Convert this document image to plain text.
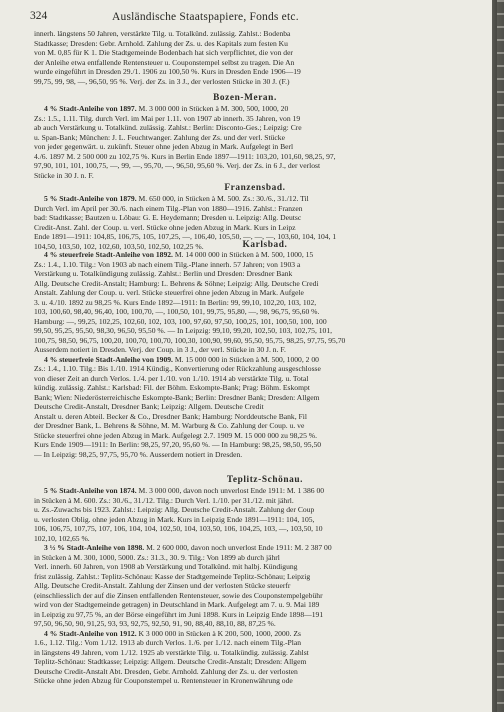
324	Ausländische Staatspapiere, Fonds etc.

innerh. längstens 50 Jahren, verstärkte Tilg. u. Totalkünd. zulässig. Zahlst.: Bodenba

Stadtkasse; Dresden: Gebr. Arnhold. Zahlung der Zs. u. des Kapitals zum festen Ku

von M. 0,85 für K 1. Die Stadtgemeinde Bodenbach hat sich verpflichtet, die von der

der Anleihe etwa entfallende Rentensteuer u. Couponstempel selbst zu tragen. Die An

wurde eingeführt in Dresden 29./1. 1906 zu 100,50 %. Kurs in Dresden Ende 1906—19

99,75, 99, 98, —, 96,50, 95 %. Verj. der Zs. in 3 J., der verlosten Stücke in 30 J. (F.)

Bozen-Meran.

4 % Stadt-Anleihe von 1897. M. 3 000 000 in Stücken à M. 300, 500, 1000, 20

Zs.: 1.5., 1.11. Tilg. durch Verl. im Mai per 1.11. von 1907 ab innerh. 35 Jahren, von 19

ab auch Verstärkung u. Totalkünd. zulässig. Zahlst.: Berlin: Disconto-Ges.; Leipzig: Cre

u. Span-Bank; München: J. L. Feuchtwanger. Zahlung der Zs. und der verl. Stücke

von jeder gegenwärt. u. zukünft. Steuer ohne jeden Abzug in Mark. Aufgelegt in Berl

4./6. 1897 M. 2 500 000 zu 102,75 %. Kurs in Berlin Ende 1897—1911: 103,20, 101,60, 98,25, 97,

97,90, 101, 101, 100,75, —, 99, —, 95,70, —, 96,50, 95,60 %. Verj. der Zs. in 6 J., der verlost

Stücke in 30 J. n. F.

Franzensbad.

5 % Stadt-Anleihe von 1879. M. 650 000, in Stücken à M. 500. Zs.: 30./6., 31./12. Til

Durch Verl. im April per 30./6. nach einem Tilg.-Plan von 1880—1916. Zahlst.: Franzen

bad: Stadtkasse; Bautzen u. Löbau: G. E. Heydemann; Dresden u. Leipzig: Allg. Deutsc

Credit-Anst. Zahl. der Coup. u. verl. Stücke ohne jeden Abzug in Mark. Kurs in Leipz

Ende 1891—1911: 104,85, 106,75, 105, 107,25, —, 106,40, 105,50, —, —, —, 103,60, 104, 104, 1

104,50, 103,50, 102, 102,60, 103,50, 102,50, 102,25 %.	Karlsbad.

4 % steuerfreie Stadt-Anleihe von 1892. M. 14 000 000 in Stücken à M. 500, 1000, 15

Zs.: 1.4., 1.10. Tilg.: Von 1903 ab nach einem Tilg.-Plane innerh. 57 Jahren; von 1903 a

Verstärkung u. Totalkündigung zulässig. Zahlst.: Berlin und Dresden: Dresdner Bank

Allg. Deutsche Credit-Anstalt; Hamburg: L. Behrens & Söhne; Leipzig: Allg. Deutsche Credi

Anstalt. Zahlung der Coup. u. verl. Stücke steuerfrei ohne jeden Abzug in Mark. Aufgele

3. u. 4./10. 1892 zu 98,25 %. Kurs Ende 1892—1911: In Berlin: 99, 99,10, 102,20, 103, 102,

103, 100,60, 98,40, 96,40, 100, 100,70, —, 100,50, 101, 99,75, 95,80, —, 98, 96,75, 95,60 %.

Hamburg: —, 99,25, 102,25, 102,60, 102, 103, 100, 97,60, 97,50, 100,25, 101, 100,50, 100, 100

99,50, 95,25, 95,50, 98,30, 96,50, 95,50 %. — In Leipzig: 99,10, 99,20, 102,50, 103, 102,75, 101,

100,75, 98,50, 96,75, 100,20, 100,70, 100,70, 100,30, 100,90, 99,60, 95,50, 95,75, 98,25, 97,75, 95,70

Ausserdem notiert in Dresden. Verj. der Coup. in 3 J., der verl. Stücke in 30 J. n. F.

4 % steuerfreie Stadt-Anleihe von 1909. M. 15 000 000 in Stücken à M. 500, 1000, 2 00

Zs.: 1.4., 1.10. Tilg.: Bis 1./10. 1914 Kündig., Konvertierung oder Rückzahlung ausgeschlosse

von dieser Zeit an durch Verlos. 1./4. per 1./10. von 1./10. 1914 ab verstärkte Tilg. u. Total

kündig. zulässig. Zahlst.: Karlsbad: Fil. der Böhm. Eskompte-Bank; Prag: Böhm. Eskompt

Bank; Wien: Niederösterreichische Eskompte-Bank; Berlin: Dresdner Bank; Dresden: Allgem

Deutsche Credit-Anstalt, Dresdner Bank; Leipzig: Allgem. Deutsche Credit

Anstalt u. deren Abteil. Becker & Co., Dresdner Bank; Hamburg: Norddeutsche Bank, Fil

der Dresdner Bank, L. Behrens & Söhne, M. M. Warburg & Co. Zahlung der Coup. u. ve

Stücke steuerfrei ohne jeden Abzug in Mark. Aufgelegt 2.7. 1909 M. 15 000 000 zu 98,25 %.

Kurs Ende 1909—1911: In Berlin: 98,25, 97,20, 95,60 %. — In Hamburg: 98,25, 98,50, 95,50

— In Leipzig: 98,25, 97,75, 95,70 %. Ausserdem notiert in Dresden.

Teplitz-Schönau.

5 % Stadt-Anleihe von 1874. M. 3 000 000, davon noch unverlost Ende 1911: M. 1 386 00

in Stücken à M. 600. Zs.: 30./6., 31./12. Tilg.: Durch Verl. 1./10. per 31./12. mit jährl.

u. Zs.-Zuwachs bis 1923. Zahlst.: Leipzig: Allg. Deutsche Credit-Anstalt. Zahlung der Coup

u. verlosten Oblig. ohne jeden Abzug in Mark. Kurs in Leipzig Ende 1891—1911: 104, 105,

106, 106,75, 107,75, 107, 106, 104, 104, 102,50, 104, 103,50, 106, 104,25, 103, —, 103,50, 10

102,10, 102,65 %.

3 ½ % Stadt-Anleihe von 1898. M. 2 600 000, davon noch unverlost Ende 1911: M. 2 387 00

in Stücken à M. 300, 1000, 5000. Zs.: 31.3., 30. 9. Tilg.: Von 1899 ab durch jährl

Verl. innerh. 60 Jahren, von 1908 ab Verstärkung und Totalkünd. mit halbj. Kündigung

frist zulässig. Zahlst.: Teplitz-Schönau: Kasse der Stadtgemeinde Teplitz-Schönau; Leipzig

Allg. Deutsche Credit-Anstalt. Zahlung der Zinsen und der verlosten Stücke steuerfr

(einschliesslich der auf die Zinsen entfallenden Rentensteuer, sowie des Couponstempelgebühr

wird von der Stadtgemeinde getragen) in Deutschland in Mark. Aufgelegt am 7. u. 9. Mai 189

in Leipzig zu 97,75 %, an der Börse eingeführt im Juni 1898. Kurs in Leipzig Ende 1898—191

97,50, 96,50, 90, 91,25, 93, 93, 92,75, 92,50, 91, 90, 88,40, 88,10, 88, 87,25 %.

4 % Stadt-Anleihe von 1912. K 3 000 000 in Stücken à K 200, 500, 1000, 2000. Zs

1.6., 1.12. Tilg.: Vom 1./12. 1913 ab durch Verlos. 1./6. per 1./12. nach einem Tilg.-Plan

in längstens 49 Jahren, vom 1./12. 1925 ab verstärkte Tilg. u. Totalkündig. zulässig. Zahlst

Teplitz-Schönau: Stadtkasse; Leipzig: Allgem. Deutsche Credit-Anstalt; Dresden: Allgem

Deutsche Credit-Anstalt Abt. Dresden, Gebr. Arnhold. Zahlung der Zs. u. der verlosten

Stücke ohne jeden Abzug für Couponstempel u. Rentensteuer in Kronenwährung ode
